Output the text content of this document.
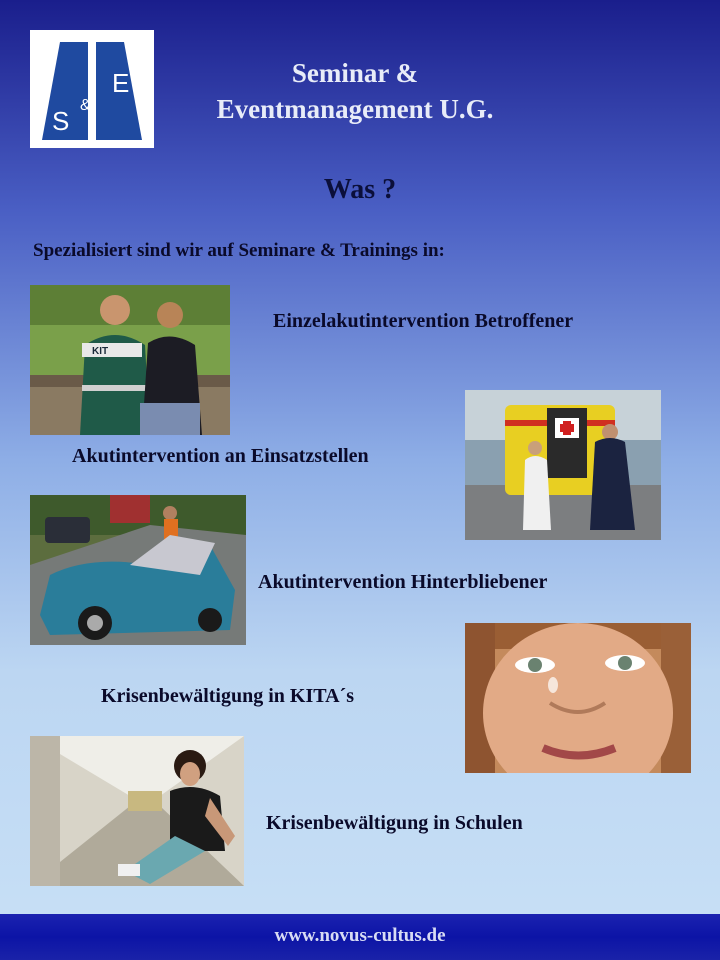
S
&
E	Seminar &
Eventmanagement U.G.
Was ?
Spezialisiert sind wir auf Seminare & Trainings in:
KIT
Einzelakutintervention Betroffener
Akutintervention an Einsatzstellen
Akutintervention Hinterbliebener
Krisenbewältigung in KITA´s
Krisenbewältigung in Schulen
www.novus-cultus.de
